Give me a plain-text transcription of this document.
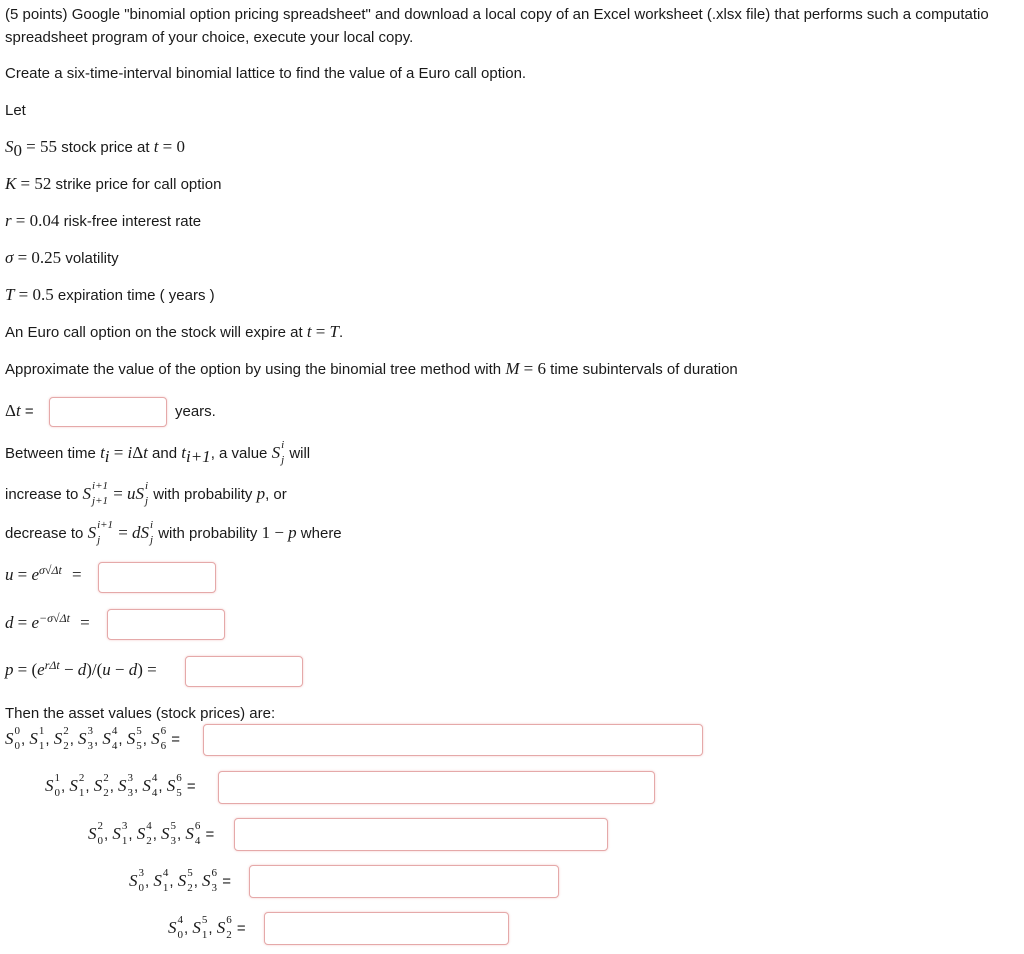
(5 points) Google "binomial option pricing spreadsheet" and download a local copy of an Excel worksheet (.xlsx file) that performs such a computatio
spreadsheet program of your choice, execute your local copy.
Create a six-time-interval binomial lattice to find the value of a Euro call option.
Let
$S_0 = 55$ stock price at t = 0
K = 52 strike price for call option
r = 0.04 risk-free interest rate
σ = 0.25 volatility
T = 0.5 expiration time ( years )
An Euro call option on the stock will expire at t = T.
Approximate the value of the option by using the binomial tree method with M = 6 time subintervals of duration
Δt =	years.
Between time $t_i = i\Delta t$ and $t_{i+1}$, a value S i
j will
increase to S i+1
j+1 = uS i
j with probability p, or
decrease to S i+1
j	= dS i
j with probability 1 − p where
$u = e^{\sigma√\Delta t}$ =
$d = e^{-\sigma√\Delta t}$ =
$p = (e^{r\Delta t} - d)/(u - d)$ =
Then the asset values (stock prices) are:
S 0
0 , S 1
1 , S 2
2 , S 3
3 , S 4
4 , S 5
5 , S 6
6 =
S 1
0 , S 2
1 , S 2
2 , S 3
3 , S 4
4 , S 6
5 =
S 2
0 , S 3
1 , S 4
2 , S 5
3 , S 6
4 =
S 3
0 , S 4
1 , S 5
2 , S 6
3 =
S 4
0 , S 5
1 , S 6
2 =
